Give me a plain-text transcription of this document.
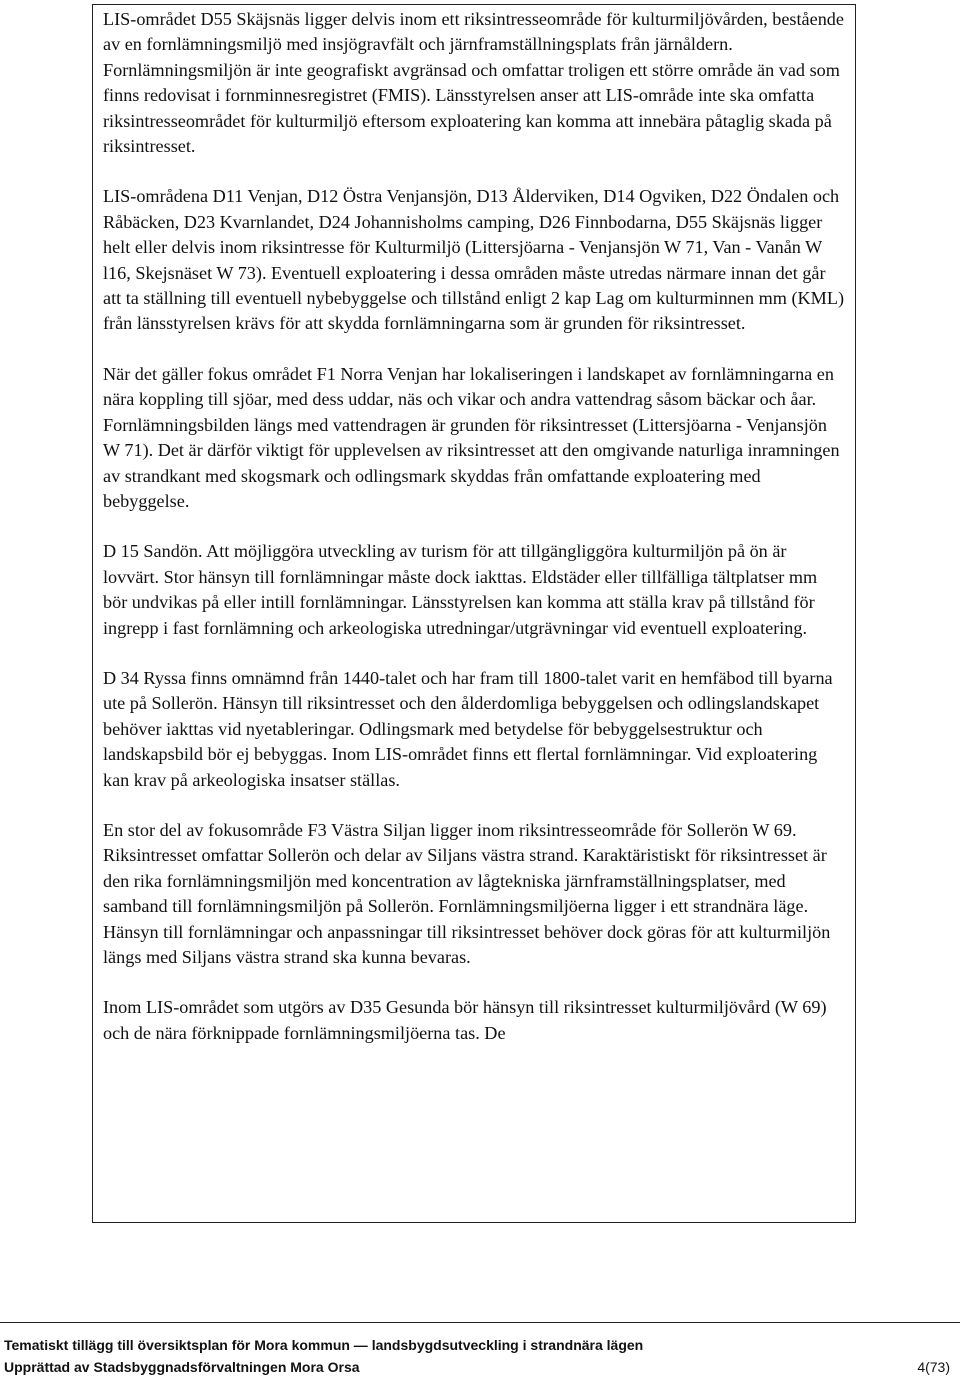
LIS-området D55 Skäjsnäs ligger delvis inom ett riksintresseområde för kulturmiljövården, bestående av en fornlämningsmiljö med insjögravfält och järnframställningsplats från järnåldern. Fornlämningsmiljön är inte geografiskt avgränsad och omfattar troligen ett större område än vad som finns redovisat i fornminnesregistret (FMIS). Länsstyrelsen anser att LIS-område inte ska omfatta riksintresseområdet för kulturmiljö eftersom exploatering kan komma att innebära påtaglig skada på riksintresset.

LIS-områdena D11 Venjan, D12 Östra Venjansjön, D13 Ålderviken, D14 Ogviken, D22 Öndalen och Råbäcken, D23 Kvarnlandet, D24 Johannisholms camping, D26 Finnbodarna, D55 Skäjsnäs ligger helt eller delvis inom riksintresse för Kulturmiljö (Littersjöarna - Venjansjön W 71, Van - Vanån W l16, Skejsnäset W 73). Eventuell exploatering i dessa områden måste utredas närmare innan det går att ta ställning till eventuell nybebyggelse och tillstånd enligt 2 kap Lag om kulturminnen mm (KML) från länsstyrelsen krävs för att skydda fornlämningarna som är grunden för riksintresset.

När det gäller fokus området F1 Norra Venjan har lokaliseringen i landskapet av fornlämningarna en nära koppling till sjöar, med dess uddar, näs och vikar och andra vattendrag såsom bäckar och åar. Fornlämningsbilden längs med vattendragen är grunden för riksintresset (Littersjöarna - Venjansjön W 71). Det är därför viktigt för upplevelsen av riksintresset att den omgivande naturliga inramningen av strandkant med skogsmark och odlingsmark skyddas från omfattande exploatering med bebyggelse.

D 15 Sandön. Att möjliggöra utveckling av turism för att tillgängliggöra kulturmiljön på ön är lovvärt. Stor hänsyn till fornlämningar måste dock iakttas. Eldstäder eller tillfälliga tältplatser mm bör undvikas på eller intill fornlämningar. Länsstyrelsen kan komma att ställa krav på tillstånd för ingrepp i fast fornlämning och arkeologiska utredningar/utgrävningar vid eventuell exploatering.

D 34 Ryssa finns omnämnd från 1440-talet och har fram till 1800-talet varit en hemfäbod till byarna ute på Sollerön. Hänsyn till riksintresset och den ålderdomliga bebyggelsen och odlingslandskapet behöver iakttas vid nyetableringar. Odlingsmark med betydelse för bebyggelsestruktur och landskapsbild bör ej bebyggas. Inom LIS-området finns ett flertal fornlämningar. Vid exploatering kan krav på arkeologiska insatser ställas.

En stor del av fokusområde F3 Västra Siljan ligger inom riksintresseområde för Sollerön W 69. Riksintresset omfattar Sollerön och delar av Siljans västra strand. Karaktäristiskt för riksintresset är den rika fornlämningsmiljön med koncentration av lågtekniska järnframställningsplatser, med samband till fornlämningsmiljön på Sollerön. Fornlämningsmiljöerna ligger i ett strandnära läge. Hänsyn till fornlämningar och anpassningar till riksintresset behöver dock göras för att kulturmiljön längs med Siljans västra strand ska kunna bevaras.

Inom LIS-området som utgörs av D35 Gesunda bör hänsyn till riksintresset kulturmiljövård (W 69) och de nära förknippade fornlämningsmiljöerna tas. De

Tematiskt tillägg till översiktsplan för Mora kommun — landsbygdsutveckling i strandnära lägen
Upprättad av Stadsbyggnadsförvaltningen Mora Orsa	4(73)
